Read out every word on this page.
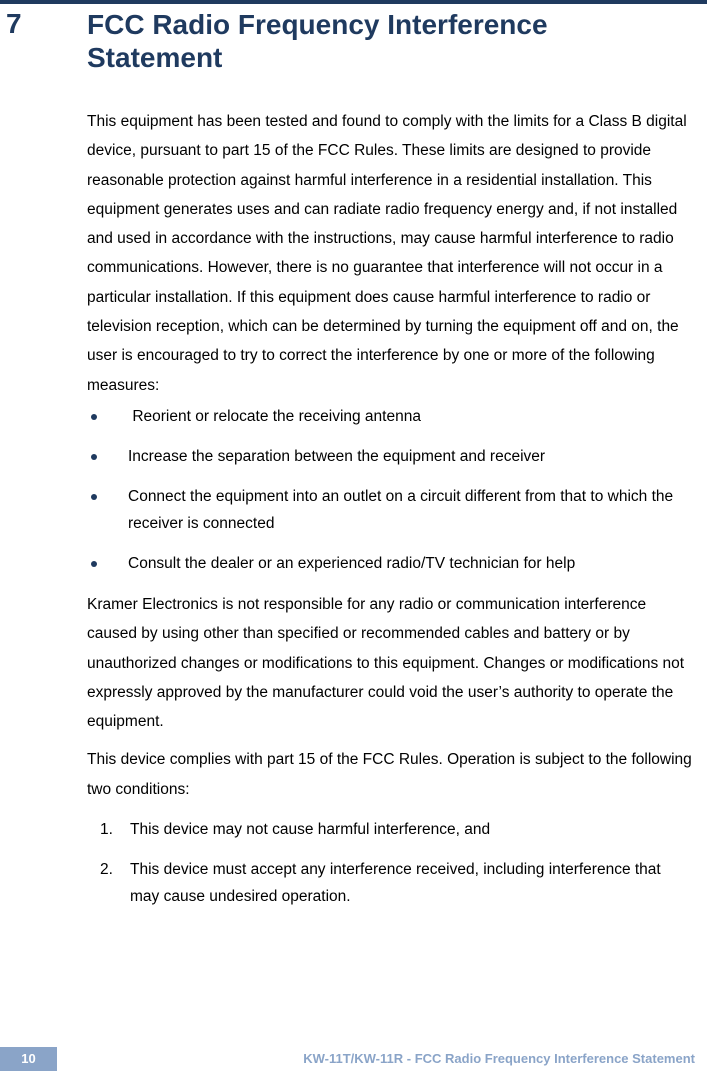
7 FCC Radio Frequency Interference Statement

This equipment has been tested and found to comply with the limits for a Class B digital device, pursuant to part 15 of the FCC Rules. These limits are designed to provide reasonable protection against harmful interference in a residential installation. This equipment generates uses and can radiate radio frequency energy and, if not installed and used in accordance with the instructions, may cause harmful interference to radio communications. However, there is no guarantee that interference will not occur in a particular installation. If this equipment does cause harmful interference to radio or television reception, which can be determined by turning the equipment off and on, the user is encouraged to try to correct the interference by one or more of the following measures:

Reorient or relocate the receiving antenna
Increase the separation between the equipment and receiver
Connect the equipment into an outlet on a circuit different from that to which the receiver is connected
Consult the dealer or an experienced radio/TV technician for help

Kramer Electronics is not responsible for any radio or communication interference caused by using other than specified or recommended cables and battery or by unauthorized changes or modifications to this equipment. Changes or modifications not expressly approved by the manufacturer could void the user’s authority to operate the equipment.

This device complies with part 15 of the FCC Rules. Operation is subject to the following two conditions:

1. This device may not cause harmful interference, and
2. This device must accept any interference received, including interference that may cause undesired operation.
10	KW-11T/KW-11R - FCC Radio Frequency Interference Statement
